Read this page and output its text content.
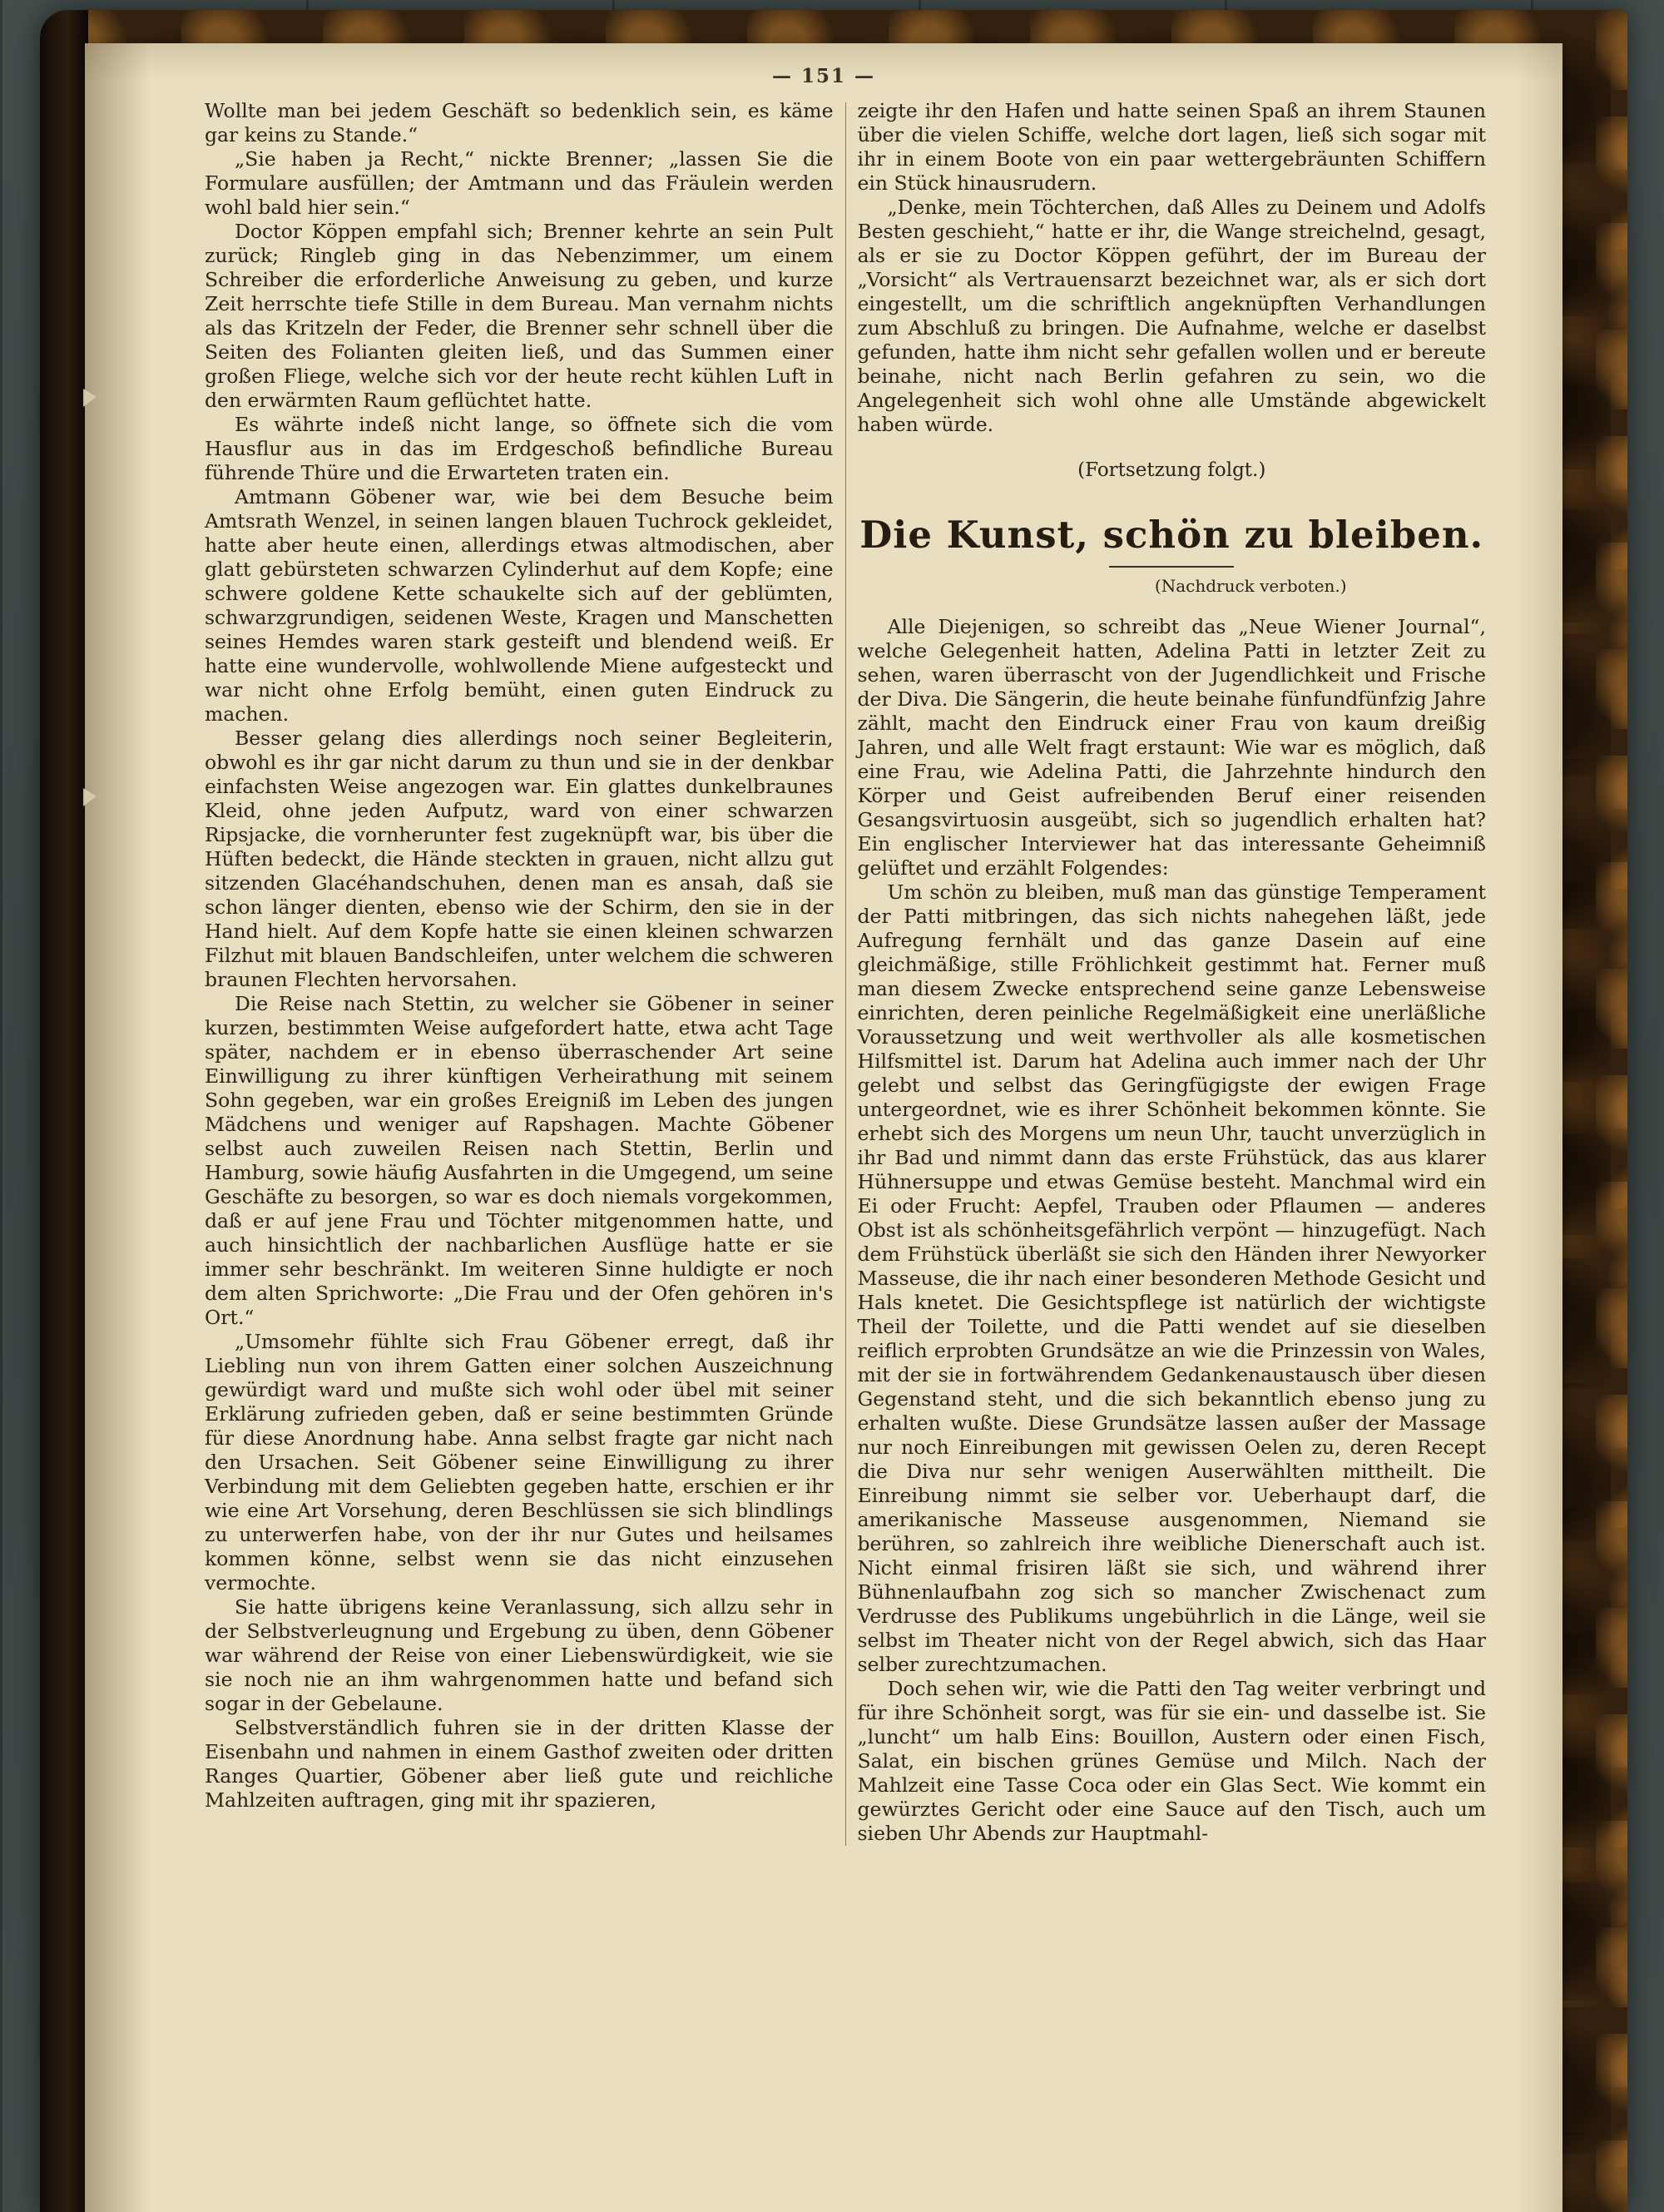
— 151 —

Wollte man bei jedem Geschäft so bedenklich sein, es käme gar keins zu Stande.“

„Sie haben ja Recht,“ nickte Brenner; „lassen Sie die Formulare ausfüllen; der Amtmann und das Fräulein werden wohl bald hier sein.“

Doctor Köppen empfahl sich; Brenner kehrte an sein Pult zurück; Ringleb ging in das Nebenzimmer, um einem Schreiber die erforderliche Anweisung zu geben, und kurze Zeit herrschte tiefe Stille in dem Bureau. Man vernahm nichts als das Kritzeln der Feder, die Brenner sehr schnell über die Seiten des Folianten gleiten ließ, und das Summen einer großen Fliege, welche sich vor der heute recht kühlen Luft in den erwärmten Raum geflüchtet hatte.

Es währte indeß nicht lange, so öffnete sich die vom Hausflur aus in das im Erdgeschoß befindliche Bureau führende Thüre und die Erwarteten traten ein.

Amtmann Göbener war, wie bei dem Besuche beim Amtsrath Wenzel, in seinen langen blauen Tuchrock gekleidet, hatte aber heute einen, allerdings etwas altmodischen, aber glatt gebürsteten schwarzen Cylinderhut auf dem Kopfe; eine schwere goldene Kette schaukelte sich auf der geblümten, schwarzgrundigen, seidenen Weste, Kragen und Manschetten seines Hemdes waren stark gesteift und blendend weiß. Er hatte eine wundervolle, wohlwollende Miene aufgesteckt und war nicht ohne Erfolg bemüht, einen guten Eindruck zu machen.

Besser gelang dies allerdings noch seiner Begleiterin, obwohl es ihr gar nicht darum zu thun und sie in der denkbar einfachsten Weise angezogen war. Ein glattes dunkelbraunes Kleid, ohne jeden Aufputz, ward von einer schwarzen Ripsjacke, die vornherunter fest zugeknüpft war, bis über die Hüften bedeckt, die Hände steckten in grauen, nicht allzu gut sitzenden Glacéhandschuhen, denen man es ansah, daß sie schon länger dienten, ebenso wie der Schirm, den sie in der Hand hielt. Auf dem Kopfe hatte sie einen kleinen schwarzen Filzhut mit blauen Bandschleifen, unter welchem die schweren braunen Flechten hervorsahen.

Die Reise nach Stettin, zu welcher sie Göbener in seiner kurzen, bestimmten Weise aufgefordert hatte, etwa acht Tage später, nachdem er in ebenso überraschender Art seine Einwilligung zu ihrer künftigen Verheirathung mit seinem Sohn gegeben, war ein großes Ereigniß im Leben des jungen Mädchens und weniger auf Rapshagen. Machte Göbener selbst auch zuweilen Reisen nach Stettin, Berlin und Hamburg, sowie häufig Ausfahrten in die Umgegend, um seine Geschäfte zu besorgen, so war es doch niemals vorgekommen, daß er auf jene Frau und Töchter mitgenommen hatte, und auch hinsichtlich der nachbarlichen Ausflüge hatte er sie immer sehr beschränkt. Im weiteren Sinne huldigte er noch dem alten Sprichworte: „Die Frau und der Ofen gehören in's Ort.“

„Umsomehr fühlte sich Frau Göbener erregt, daß ihr Liebling nun von ihrem Gatten einer solchen Auszeichnung gewürdigt ward und mußte sich wohl oder übel mit seiner Erklärung zufrieden geben, daß er seine bestimmten Gründe für diese Anordnung habe. Anna selbst fragte gar nicht nach den Ursachen. Seit Göbener seine Einwilligung zu ihrer Verbindung mit dem Geliebten gegeben hatte, erschien er ihr wie eine Art Vorsehung, deren Beschlüssen sie sich blindlings zu unterwerfen habe, von der ihr nur Gutes und heilsames kommen könne, selbst wenn sie das nicht einzusehen vermochte.

Sie hatte übrigens keine Veranlassung, sich allzu sehr in der Selbstverleugnung und Ergebung zu üben, denn Göbener war während der Reise von einer Liebenswürdigkeit, wie sie sie noch nie an ihm wahrgenommen hatte und befand sich sogar in der Gebelaune.

Selbstverständlich fuhren sie in der dritten Klasse der Eisenbahn und nahmen in einem Gasthof zweiten oder dritten Ranges Quartier, Göbener aber ließ gute und reichliche Mahlzeiten auftragen, ging mit ihr spazieren,

zeigte ihr den Hafen und hatte seinen Spaß an ihrem Staunen über die vielen Schiffe, welche dort lagen, ließ sich sogar mit ihr in einem Boote von ein paar wettergebräunten Schiffern ein Stück hinausrudern.

„Denke, mein Töchterchen, daß Alles zu Deinem und Adolfs Besten geschieht,“ hatte er ihr, die Wange streichelnd, gesagt, als er sie zu Doctor Köppen geführt, der im Bureau der „Vorsicht“ als Vertrauensarzt bezeichnet war, als er sich dort eingestellt, um die schriftlich angeknüpften Verhandlungen zum Abschluß zu bringen. Die Aufnahme, welche er daselbst gefunden, hatte ihm nicht sehr gefallen wollen und er bereute beinahe, nicht nach Berlin gefahren zu sein, wo die Angelegenheit sich wohl ohne alle Umstände abgewickelt haben würde.

(Fortsetzung folgt.)

Die Kunst, schön zu bleiben.

(Nachdruck verboten.)

Alle Diejenigen, so schreibt das „Neue Wiener Journal“, welche Gelegenheit hatten, Adelina Patti in letzter Zeit zu sehen, waren überrascht von der Jugendlichkeit und Frische der Diva. Die Sängerin, die heute beinahe fünfundfünfzig Jahre zählt, macht den Eindruck einer Frau von kaum dreißig Jahren, und alle Welt fragt erstaunt: Wie war es möglich, daß eine Frau, wie Adelina Patti, die Jahrzehnte hindurch den Körper und Geist aufreibenden Beruf einer reisenden Gesangsvirtuosin ausgeübt, sich so jugendlich erhalten hat? Ein englischer Interviewer hat das interessante Geheimniß gelüftet und erzählt Folgendes:

Um schön zu bleiben, muß man das günstige Temperament der Patti mitbringen, das sich nichts nahegehen läßt, jede Aufregung fernhält und das ganze Dasein auf eine gleichmäßige, stille Fröhlichkeit gestimmt hat. Ferner muß man diesem Zwecke entsprechend seine ganze Lebensweise einrichten, deren peinliche Regelmäßigkeit eine unerläßliche Voraussetzung und weit werthvoller als alle kosmetischen Hilfsmittel ist. Darum hat Adelina auch immer nach der Uhr gelebt und selbst das Geringfügigste der ewigen Frage untergeordnet, wie es ihrer Schönheit bekommen könnte. Sie erhebt sich des Morgens um neun Uhr, taucht unverzüglich in ihr Bad und nimmt dann das erste Frühstück, das aus klarer Hühnersuppe und etwas Gemüse besteht. Manchmal wird ein Ei oder Frucht: Aepfel, Trauben oder Pflaumen — anderes Obst ist als schönheitsgefährlich verpönt — hinzugefügt. Nach dem Frühstück überläßt sie sich den Händen ihrer Newyorker Masseuse, die ihr nach einer besonderen Methode Gesicht und Hals knetet. Die Gesichtspflege ist natürlich der wichtigste Theil der Toilette, und die Patti wendet auf sie dieselben reiflich erprobten Grundsätze an wie die Prinzessin von Wales, mit der sie in fortwährendem Gedankenaustausch über diesen Gegenstand steht, und die sich bekanntlich ebenso jung zu erhalten wußte. Diese Grundsätze lassen außer der Massage nur noch Einreibungen mit gewissen Oelen zu, deren Recept die Diva nur sehr wenigen Auserwählten mittheilt. Die Einreibung nimmt sie selber vor. Ueberhaupt darf, die amerikanische Masseuse ausgenommen, Niemand sie berühren, so zahlreich ihre weibliche Dienerschaft auch ist. Nicht einmal frisiren läßt sie sich, und während ihrer Bühnenlaufbahn zog sich so mancher Zwischenact zum Verdrusse des Publikums ungebührlich in die Länge, weil sie selbst im Theater nicht von der Regel abwich, sich das Haar selber zurechtzumachen.

Doch sehen wir, wie die Patti den Tag weiter verbringt und für ihre Schönheit sorgt, was für sie ein- und dasselbe ist. Sie „luncht“ um halb Eins: Bouillon, Austern oder einen Fisch, Salat, ein bischen grünes Gemüse und Milch. Nach der Mahlzeit eine Tasse Coca oder ein Glas Sect. Wie kommt ein gewürztes Gericht oder eine Sauce auf den Tisch, auch um sieben Uhr Abends zur Hauptmahl-
